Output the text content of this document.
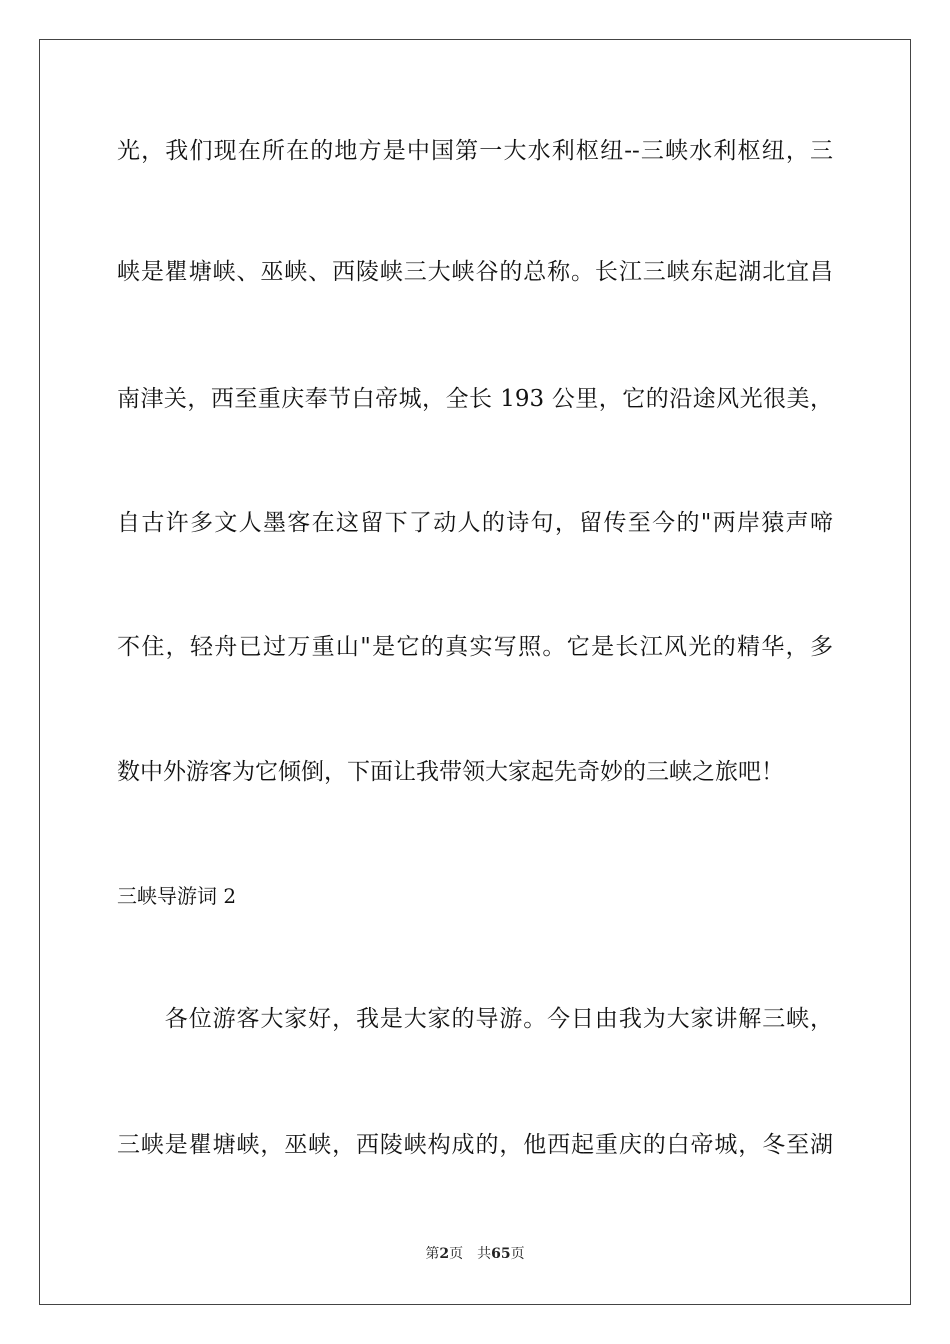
光，我们现在所在的地方是中国第一大水利枢纽--三峡水利枢纽，三
峡是瞿塘峡、巫峡、西陵峡三大峡谷的总称。长江三峡东起湖北宜昌
南津关，西至重庆奉节白帝城，全长 193 公里，它的沿途风光很美，
自古许多文人墨客在这留下了动人的诗句，留传至今的"两岸猿声啼
不住，轻舟已过万重山"是它的真实写照。它是长江风光的精华，多
数中外游客为它倾倒，下面让我带领大家起先奇妙的三峡之旅吧！
三峡导游词 2
　　各位游客大家好，我是大家的导游。今日由我为大家讲解三峡，
三峡是瞿塘峡，巫峡，西陵峡构成的，他西起重庆的白帝城，冬至湖
第2页 共65页
